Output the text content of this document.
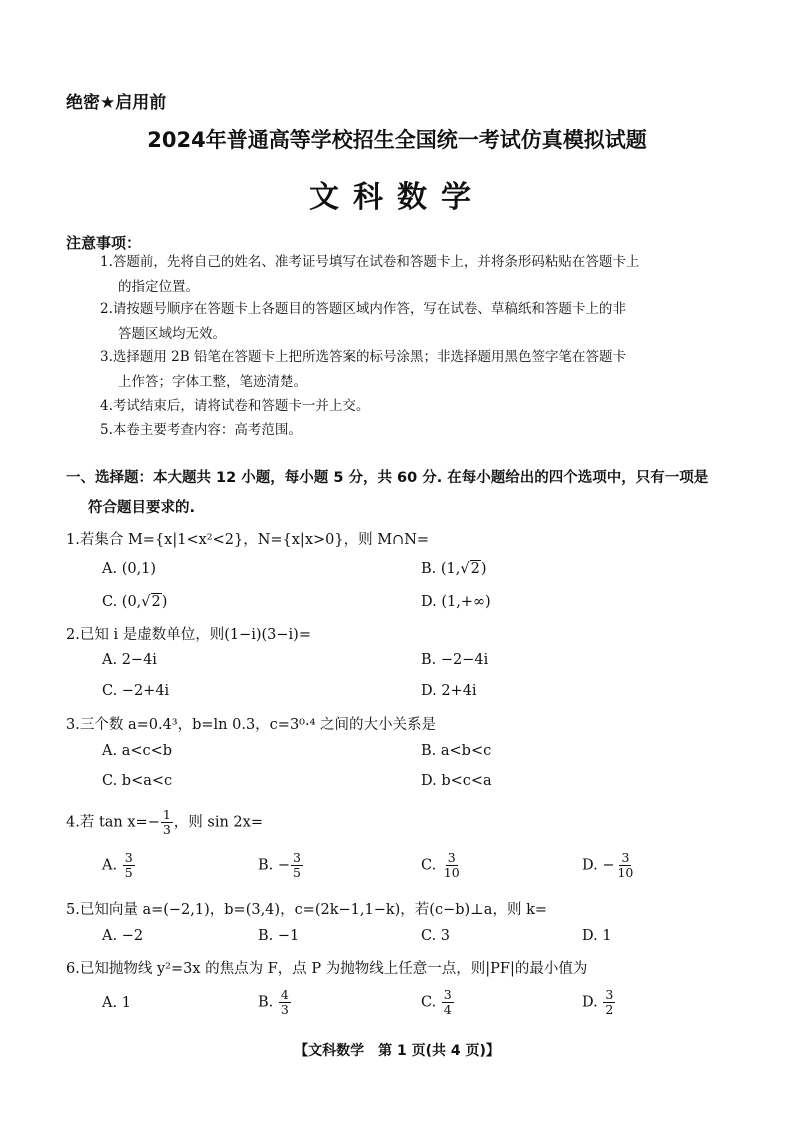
绝密★启用前
2024年普通高等学校招生全国统一考试仿真模拟试题
文科数学
注意事项：
1.答题前，先将自己的姓名、准考证号填写在试卷和答题卡上，并将条形码粘贴在答题卡上
的指定位置。
2.请按题号顺序在答题卡上各题目的答题区域内作答，写在试卷、草稿纸和答题卡上的非
答题区域均无效。
3.选择题用 2B 铅笔在答题卡上把所选答案的标号涂黑；非选择题用黑色签字笔在答题卡
上作答；字体工整，笔迹清楚。
4.考试结束后，请将试卷和答题卡一并上交。
5.本卷主要考查内容：高考范围。
一、选择题：本大题共 12 小题，每小题 5 分，共 60 分. 在每小题给出的四个选项中，只有一项是
符合题目要求的.
1.若集合 M={x|1<x²<2}，N={x|x>0}，则 M∩N=
A. (0,1)	B. (1,√2)
C. (0,√2)	D. (1,+∞)
2.已知 i 是虚数单位，则(1−i)(3−i)=
A. 2−4i	B. −2−4i
C. −2+4i	D. 2+4i
3.三个数 a=0.4³，b=ln 0.3，c=3⁰·⁴ 之间的大小关系是
A. a<c<b	B. a<b<c
C. b<a<c	D. b<c<a
4.若 $\tan x=- \frac{1}{3}$ ，则 sin 2x=
A. $\frac{3}{5}$	B. − $\frac{3}{5}$	C. $\frac{3}{10}$	D. − $\frac{3}{10}$
5.已知向量 a=(−2,1)，b=(3,4)，c=(2k−1,1−k)，若(c−b)⊥a，则 k=
A. −2	B. −1	C. 3	D. 1
6.已知抛物线 y²=3x 的焦点为 F，点 P 为抛物线上任意一点，则|PF|的最小值为
A. 1	B. $\frac{4}{3}$	C. $\frac{3}{4}$	D. $\frac{3}{2}$
【文科数学　第 1 页(共 4 页)】
